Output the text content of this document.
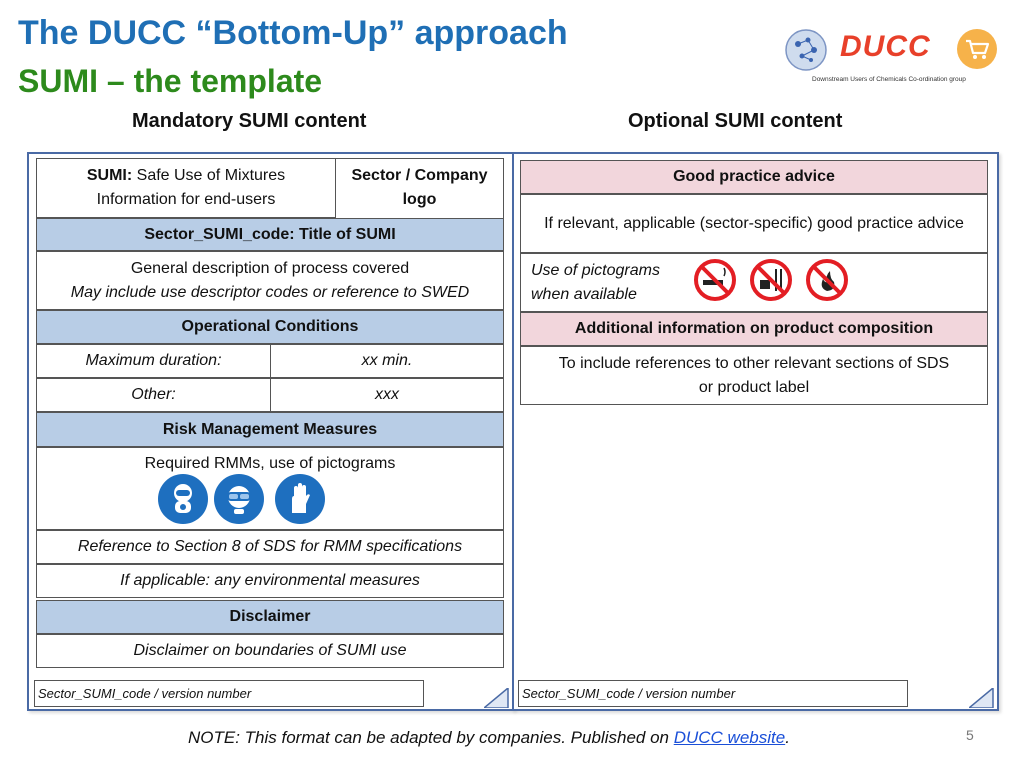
The DUCC “Bottom-Up” approach
SUMI – the template
DUCC
Downstream Users of Chemicals Co-ordination group
Mandatory SUMI content	Optional SUMI content
SUMI: Safe Use of Mixtures
Information for end-users
Sector / Company logo
Sector_SUMI_code: Title of SUMI
General description of process covered
May include use descriptor codes or reference to SWED
Operational Conditions
Maximum duration:	xx min.
Other:	xxx
Risk Management Measures
Required RMMs, use of pictograms
Reference to Section 8 of SDS for RMM specifications
If applicable: any environmental measures
Disclaimer
Disclaimer on boundaries of SUMI use
Sector_SUMI_code / version number
Good practice advice
If relevant, applicable (sector-specific) good practice advice
Use of pictograms
when available
Additional information on product composition
To include references to other relevant sections of SDS
or product label
Sector_SUMI_code / version number
NOTE: This format can be adapted by companies. Published on DUCC website.	5
